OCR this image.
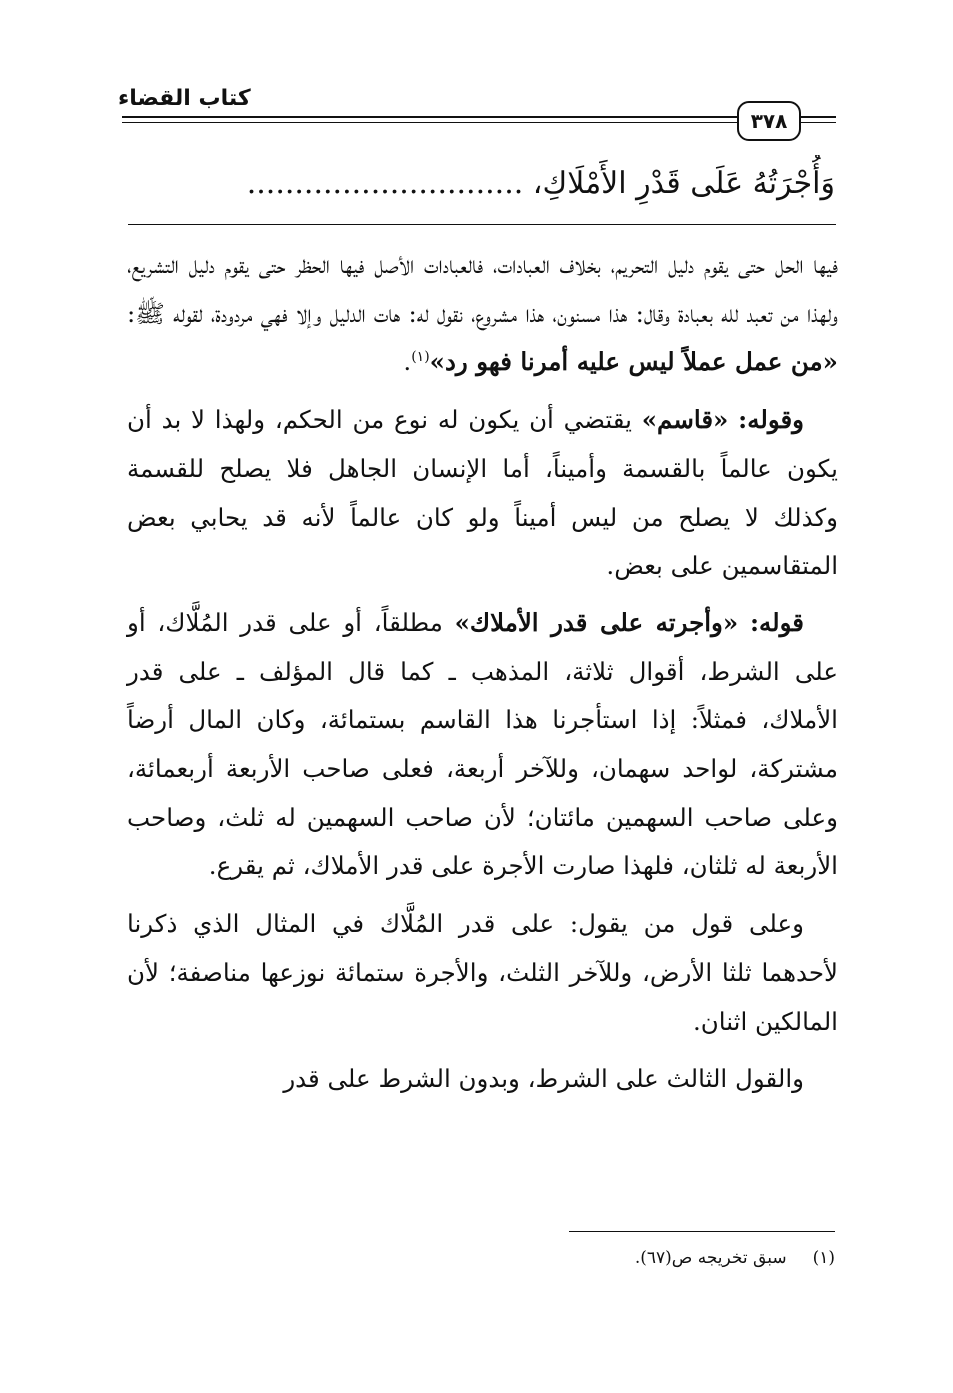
كتاب القضاء
٣٧٨
وَأُجْرَتُهُ عَلَى قَدْرِ الأَمْلَاكِ، .............................

فيها الحل حتى يقوم دليل التحريم، بخلاف العبادات، فالعبادات الأصل فيها الحظر حتى يقوم دليل التشريع، ولهذا من تعبد لله بعبادة وقال: هذا مسنون، هذا مشروع، نقول له: هات الدليل وإلا فهي مردودة، لقوله ﷺ: «من عمل عملاً ليس عليه أمرنا فهو رد»$^{(١)}$.

وقوله: «قاسم» يقتضي أن يكون له نوع من الحكم، ولهذا لا بد أن يكون عالماً بالقسمة وأميناً، أما الإنسان الجاهل فلا يصلح للقسمة وكذلك لا يصلح من ليس أميناً ولو كان عالماً لأنه قد يحابي بعض المتقاسمين على بعض.

قوله: «وأجرته على قدر الأملاك» مطلقاً، أو على قدر المُلَّاك، أو على الشرط، أقوال ثلاثة، المذهب ـ كما قال المؤلف ـ على قدر الأملاك، فمثلاً: إذا استأجرنا هذا القاسم بستمائة، وكان المال أرضاً مشتركة، لواحد سهمان، وللآخر أربعة، فعلى صاحب الأربعة أربعمائة، وعلى صاحب السهمين مائتان؛ لأن صاحب السهمين له ثلث، وصاحب الأربعة له ثلثان، فلهذا صارت الأجرة على قدر الأملاك، ثم يقرع.

وعلى قول من يقول: على قدر المُلَّاك في المثال الذي ذكرنا لأحدهما ثلثا الأرض، وللآخر الثلث، والأجرة ستمائة نوزعها مناصفة؛ لأن المالكين اثنان.

والقول الثالث على الشرط، وبدون الشرط على قدر

(١)سبق تخريجه ص(٦٧).
